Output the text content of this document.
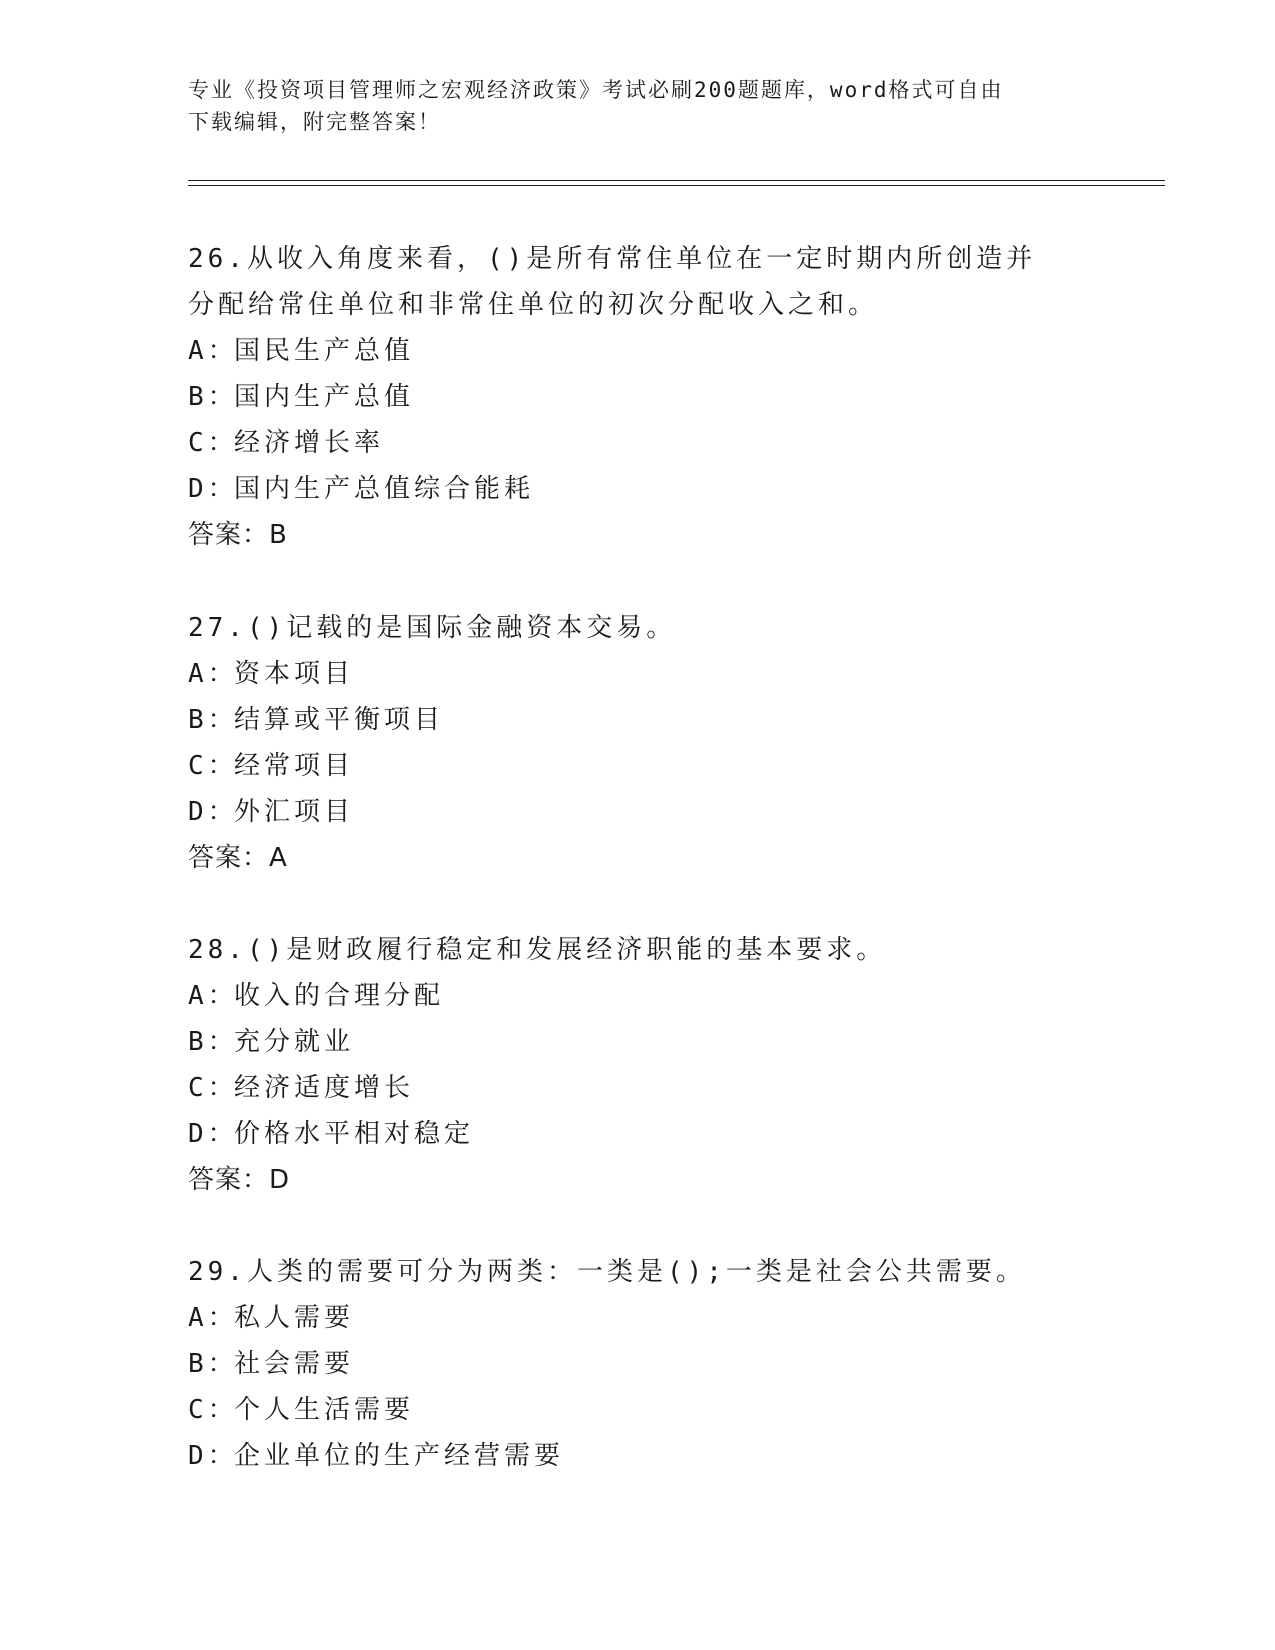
专业《投资项目管理师之宏观经济政策》考试必刷200题题库，word格式可自由
下载编辑，附完整答案！

26.从收入角度来看，()是所有常住单位在一定时期内所创造并分配给常住单位和非常住单位的初次分配收入之和。

A：国民生产总值
B：国内生产总值
C：经济增长率
D：国内生产总值综合能耗
答案：B

27.()记载的是国际金融资本交易。

A：资本项目
B：结算或平衡项目
C：经常项目
D：外汇项目
答案：A

28.()是财政履行稳定和发展经济职能的基本要求。

A：收入的合理分配
B：充分就业
C：经济适度增长
D：价格水平相对稳定
答案：D

29.人类的需要可分为两类：一类是();一类是社会公共需要。

A：私人需要
B：社会需要
C：个人生活需要
D：企业单位的生产经营需要
